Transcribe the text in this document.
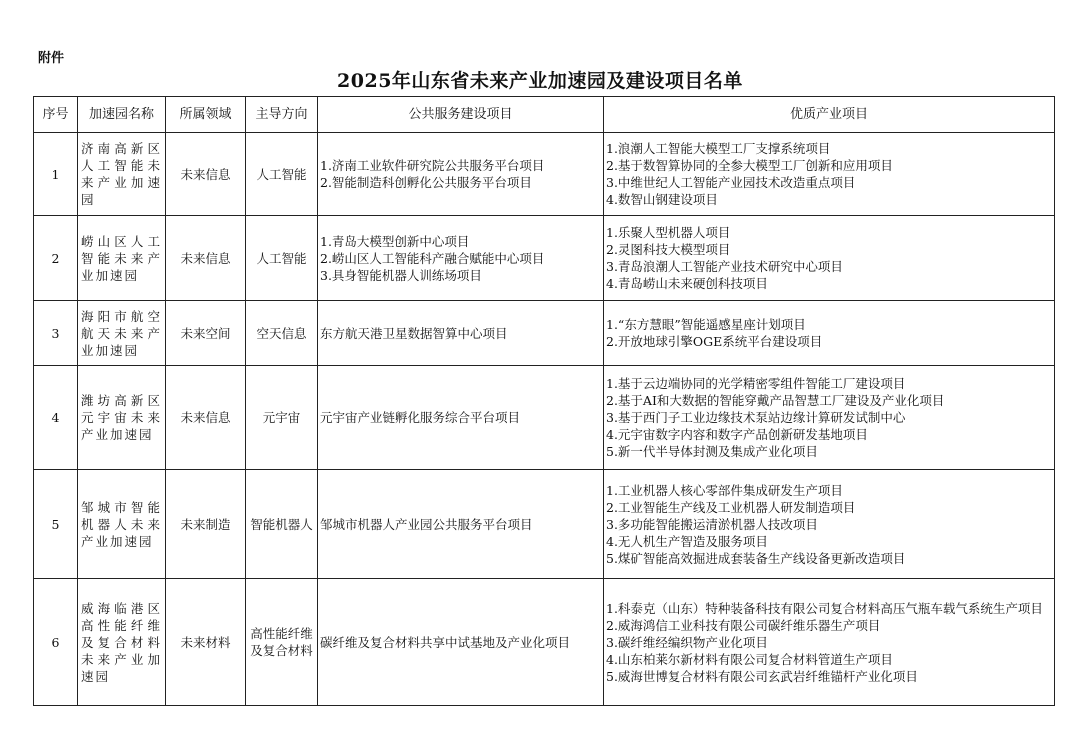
附件
2025年山东省未来产业加速园及建设项目名单
序号	加速园名称	所属领域	主导方向	公共服务建设项目	优质产业项目
1	济南高新区人工智能未来产业加速园	未来信息	人工智能	1.济南工业软件研究院公共服务平台项目
2.智能制造科创孵化公共服务平台项目	1.浪潮人工智能大模型工厂支撑系统项目
2.基于数智算协同的全参大模型工厂创新和应用项目
3.中维世纪人工智能产业园技术改造重点项目
4.数智山钢建设项目

2	崂山区人工智能未来产业加速园	未来信息	人工智能	1.青岛大模型创新中心项目
2.崂山区人工智能科产融合赋能中心项目
3.具身智能机器人训练场项目	1.乐聚人型机器人项目
2.灵图科技大模型项目
3.青岛浪潮人工智能产业技术研究中心项目
4.青岛崂山未来硬创科技项目

3	海阳市航空航天未来产业加速园	未来空间	空天信息	东方航天港卫星数据智算中心项目	1.“东方慧眼”智能遥感星座计划项目
2.开放地球引擎OGE系统平台建设项目

4	潍坊高新区元宇宙未来产业加速园	未来信息	元宇宙	元宇宙产业链孵化服务综合平台项目	1.基于云边端协同的光学精密零组件智能工厂建设项目
2.基于AI和大数据的智能穿戴产品智慧工厂建设及产业化项目
3.基于西门子工业边缘技术泵站边缘计算研发试制中心
4.元宇宙数字内容和数字产品创新研发基地项目
5.新一代半导体封测及集成产业化项目

5	邹城市智能机器人未来产业加速园	未来制造	智能机器人	邹城市机器人产业园公共服务平台项目	1.工业机器人核心零部件集成研发生产项目
2.工业智能生产线及工业机器人研发制造项目
3.多功能智能搬运清淤机器人技改项目
4.无人机生产智造及服务项目
5.煤矿智能高效掘进成套装备生产线设备更新改造项目

6	威海临港区高性能纤维及复合材料未来产业加速园	未来材料	高性能纤维及复合材料	碳纤维及复合材料共享中试基地及产业化项目	1.科泰克（山东）特种装备科技有限公司复合材料高压气瓶车载气系统生产项目
2.威海鸿信工业科技有限公司碳纤维乐器生产项目
3.碳纤维经编织物产业化项目
4.山东柏莱尔新材料有限公司复合材料管道生产项目
5.威海世博复合材料有限公司玄武岩纤维锚杆产业化项目
